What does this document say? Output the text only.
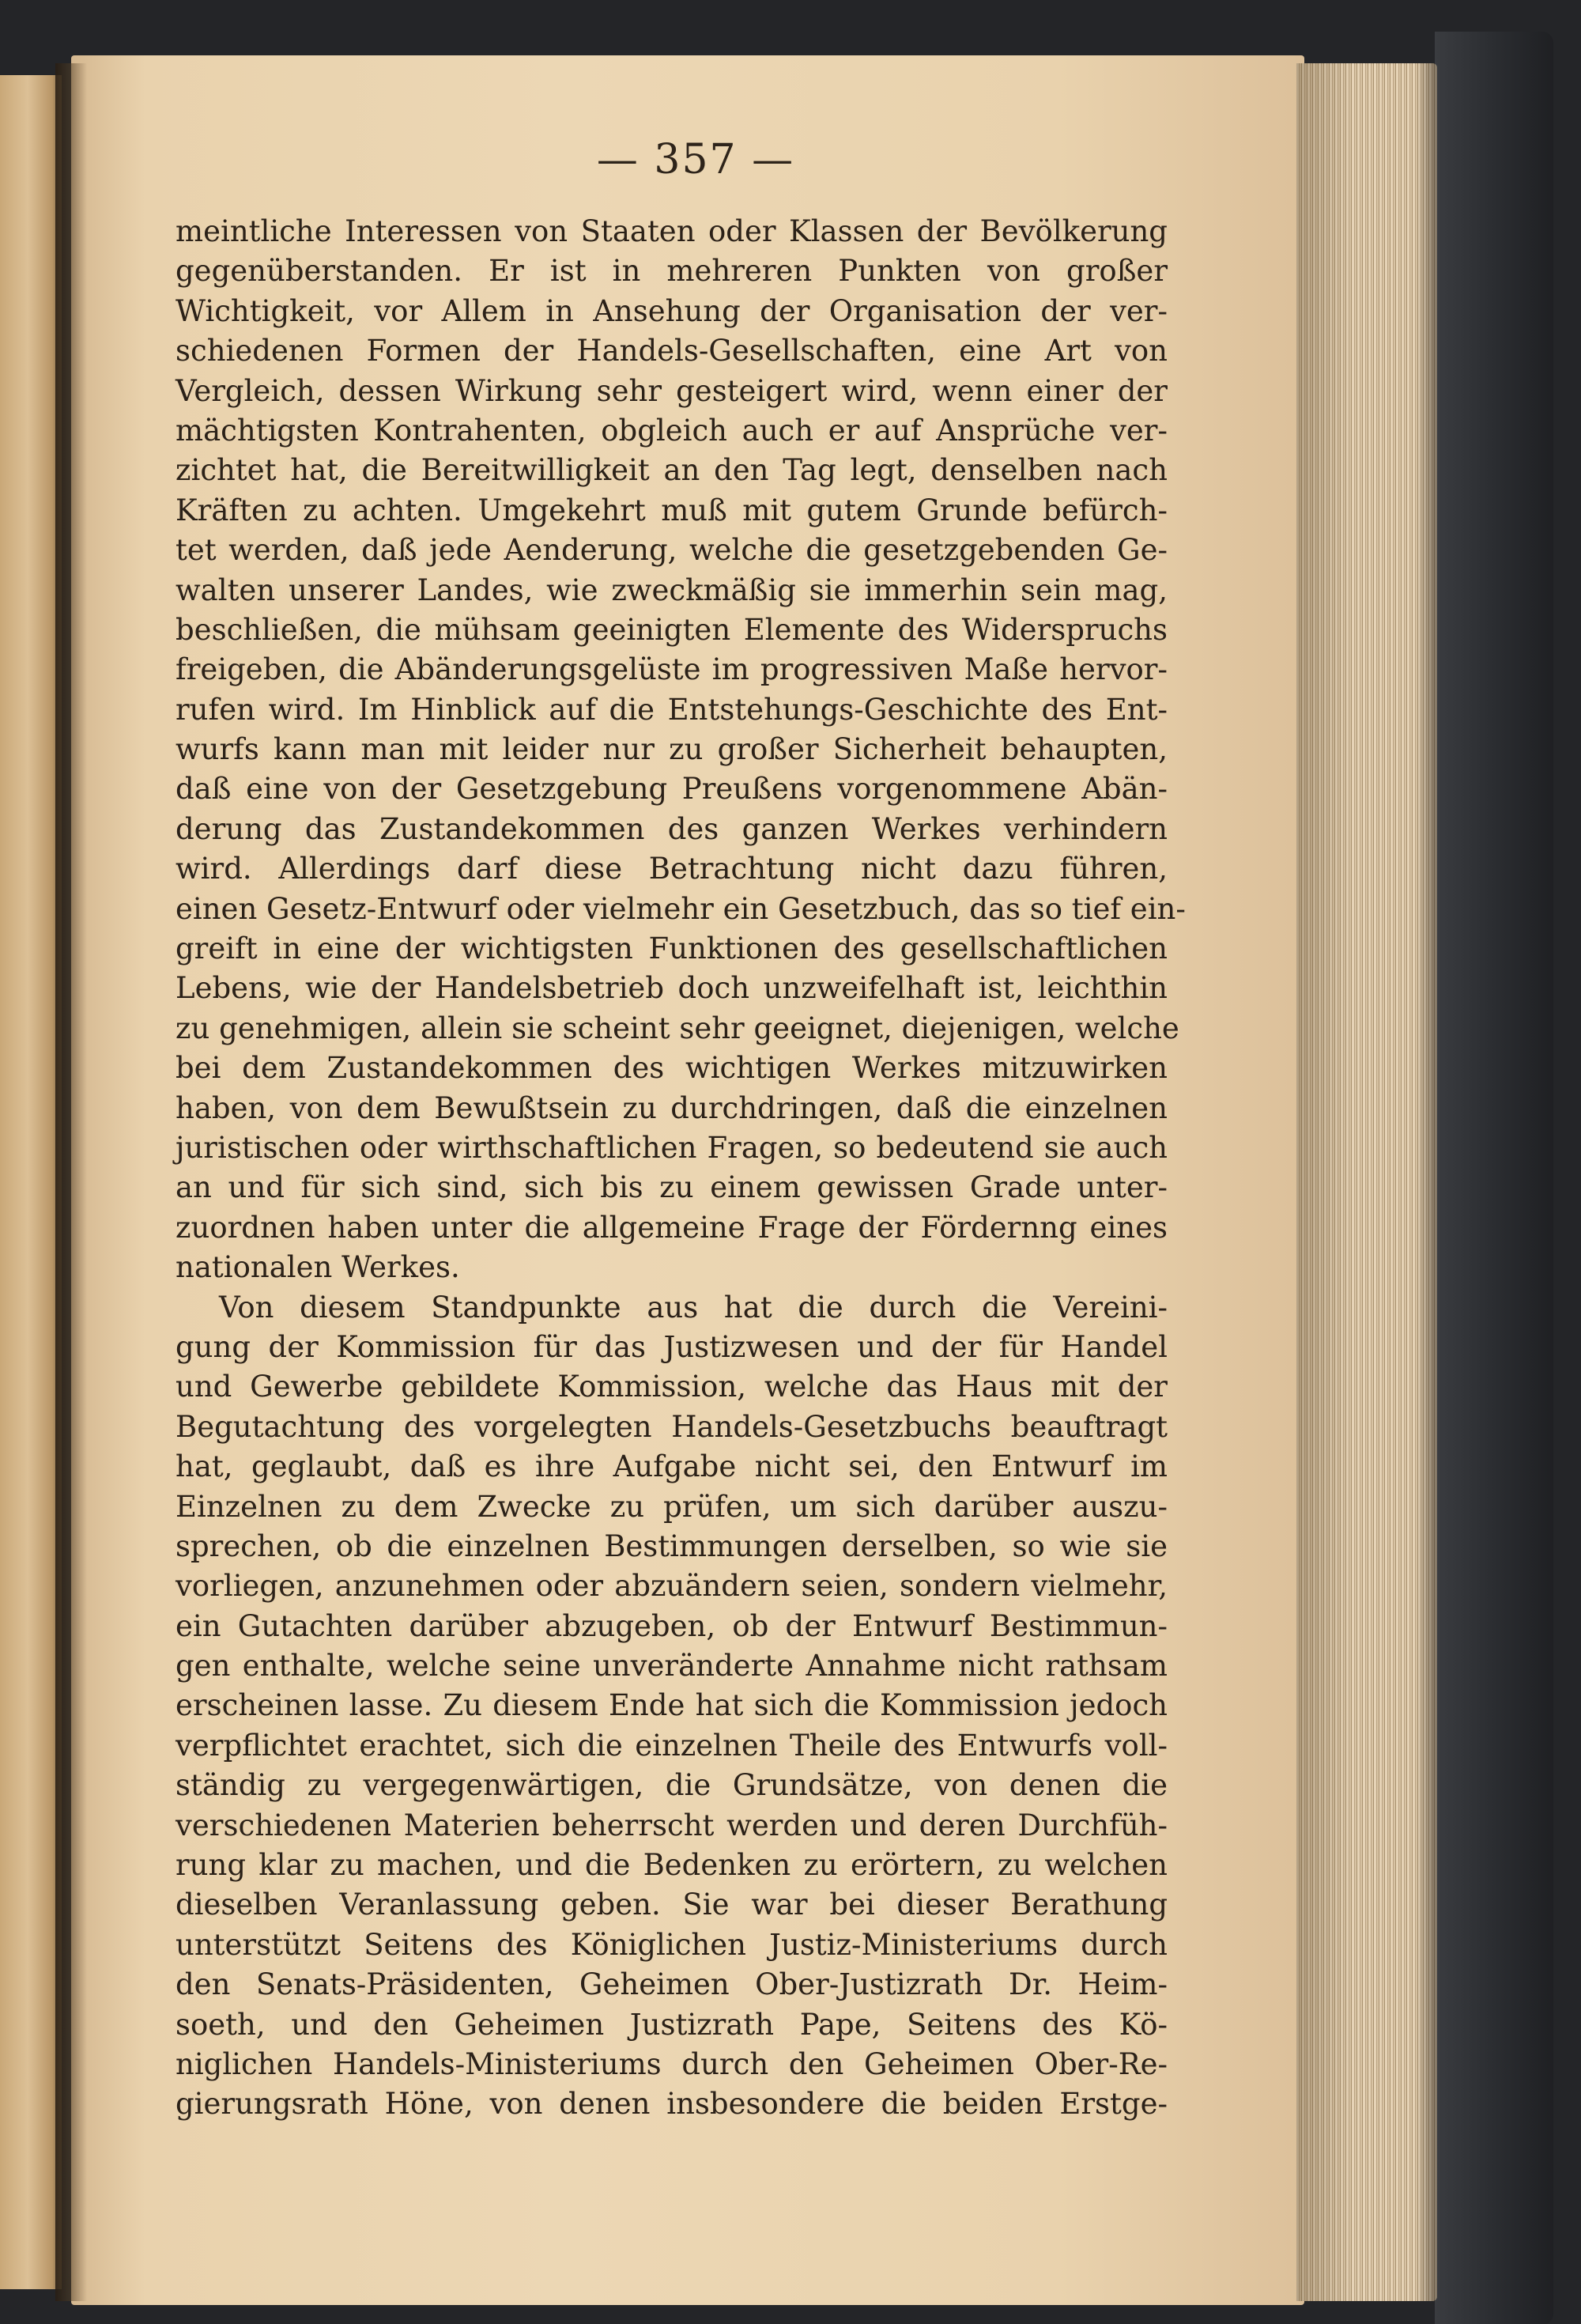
— 357 —
meintliche Interessen von Staaten oder Klassen der Bevölkerung
gegenüberstanden. Er ist in mehreren Punkten von großer
Wichtigkeit, vor Allem in Ansehung der Organisation der ver-
schiedenen Formen der Handels-Gesellschaften, eine Art von
Vergleich, dessen Wirkung sehr gesteigert wird, wenn einer der
mächtigsten Kontrahenten, obgleich auch er auf Ansprüche ver-
zichtet hat, die Bereitwilligkeit an den Tag legt, denselben nach
Kräften zu achten. Umgekehrt muß mit gutem Grunde befürch-
tet werden, daß jede Aenderung, welche die gesetzgebenden Ge-
walten unserer Landes, wie zweckmäßig sie immerhin sein mag,
beschließen, die mühsam geeinigten Elemente des Widerspruchs
freigeben, die Abänderungsgelüste im progressiven Maße hervor-
rufen wird. Im Hinblick auf die Entstehungs-Geschichte des Ent-
wurfs kann man mit leider nur zu großer Sicherheit behaupten,
daß eine von der Gesetzgebung Preußens vorgenommene Abän-
derung das Zustandekommen des ganzen Werkes verhindern
wird. Allerdings darf diese Betrachtung nicht dazu führen,
einen Gesetz-Entwurf oder vielmehr ein Gesetzbuch, das so tief ein-
greift in eine der wichtigsten Funktionen des gesellschaftlichen
Lebens, wie der Handelsbetrieb doch unzweifelhaft ist, leichthin
zu genehmigen, allein sie scheint sehr geeignet, diejenigen, welche
bei dem Zustandekommen des wichtigen Werkes mitzuwirken
haben, von dem Bewußtsein zu durchdringen, daß die einzelnen
juristischen oder wirthschaftlichen Fragen, so bedeutend sie auch
an und für sich sind, sich bis zu einem gewissen Grade unter-
zuordnen haben unter die allgemeine Frage der Fördernng eines
nationalen Werkes.
Von diesem Standpunkte aus hat die durch die Vereini-
gung der Kommission für das Justizwesen und der für Handel
und Gewerbe gebildete Kommission, welche das Haus mit der
Begutachtung des vorgelegten Handels-Gesetzbuchs beauftragt
hat, geglaubt, daß es ihre Aufgabe nicht sei, den Entwurf im
Einzelnen zu dem Zwecke zu prüfen, um sich darüber auszu-
sprechen, ob die einzelnen Bestimmungen derselben, so wie sie
vorliegen, anzunehmen oder abzuändern seien, sondern vielmehr,
ein Gutachten darüber abzugeben, ob der Entwurf Bestimmun-
gen enthalte, welche seine unveränderte Annahme nicht rathsam
erscheinen lasse. Zu diesem Ende hat sich die Kommission jedoch
verpflichtet erachtet, sich die einzelnen Theile des Entwurfs voll-
ständig zu vergegenwärtigen, die Grundsätze, von denen die
verschiedenen Materien beherrscht werden und deren Durchfüh-
rung klar zu machen, und die Bedenken zu erörtern, zu welchen
dieselben Veranlassung geben. Sie war bei dieser Berathung
unterstützt Seitens des Königlichen Justiz-Ministeriums durch
den Senats-Präsidenten, Geheimen Ober-Justizrath Dr. Heim-
soeth, und den Geheimen Justizrath Pape, Seitens des Kö-
niglichen Handels-Ministeriums durch den Geheimen Ober-Re-
gierungsrath Höne, von denen insbesondere die beiden Erstge-
